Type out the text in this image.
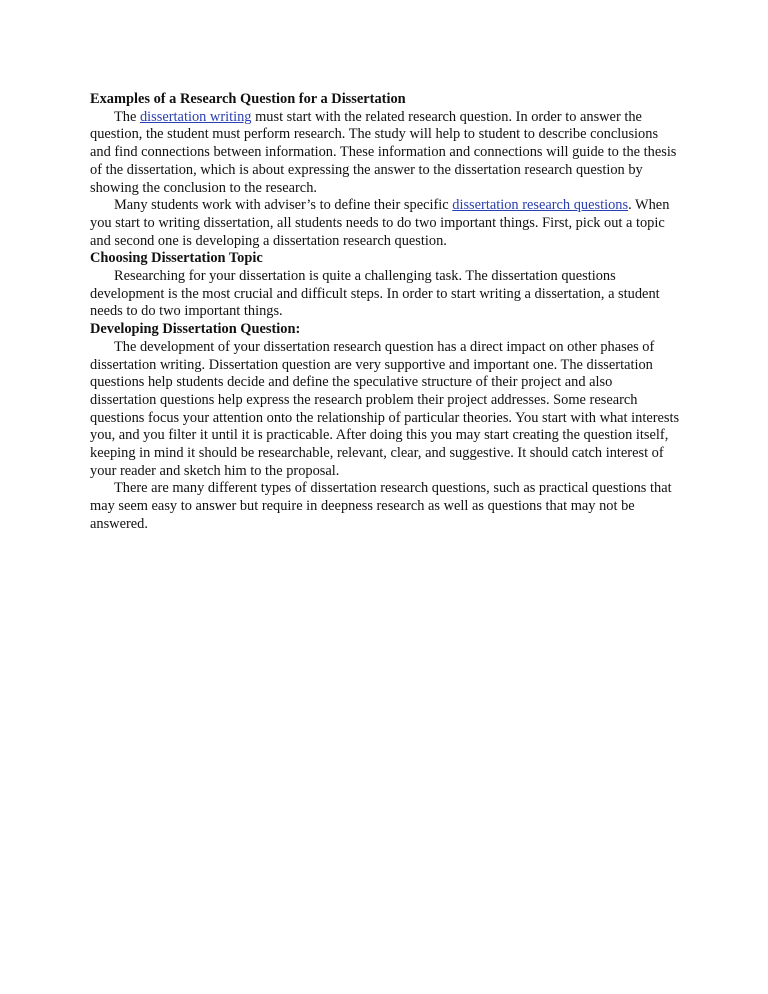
Examples of a Research Question for a Dissertation

The dissertation writing must start with the related research question. In order to answer the question, the student must perform research. The study will help to student to describe conclusions and find connections between information. These information and connections will guide to the thesis of the dissertation, which is about expressing the answer to the dissertation research question by showing the conclusion to the research.

Many students work with adviser’s to define their specific dissertation research questions. When you start to writing dissertation, all students needs to do two important things. First, pick out a topic and second one is developing a dissertation research question.

Choosing Dissertation Topic

Researching for your dissertation is quite a challenging task. The dissertation questions development is the most crucial and difficult steps. In order to start writing a dissertation, a student needs to do two important things.

Developing Dissertation Question:

The development of your dissertation research question has a direct impact on other phases of dissertation writing. Dissertation question are very supportive and important one. The dissertation questions help students decide and define the speculative structure of their project and also dissertation questions help express the research problem their project addresses. Some research questions focus your attention onto the relationship of particular theories. You start with what interests you, and you filter it until it is practicable. After doing this you may start creating the question itself, keeping in mind it should be researchable, relevant, clear, and suggestive. It should catch interest of your reader and sketch him to the proposal.

There are many different types of dissertation research questions, such as practical questions that may seem easy to answer but require in deepness research as well as questions that may not be answered.
